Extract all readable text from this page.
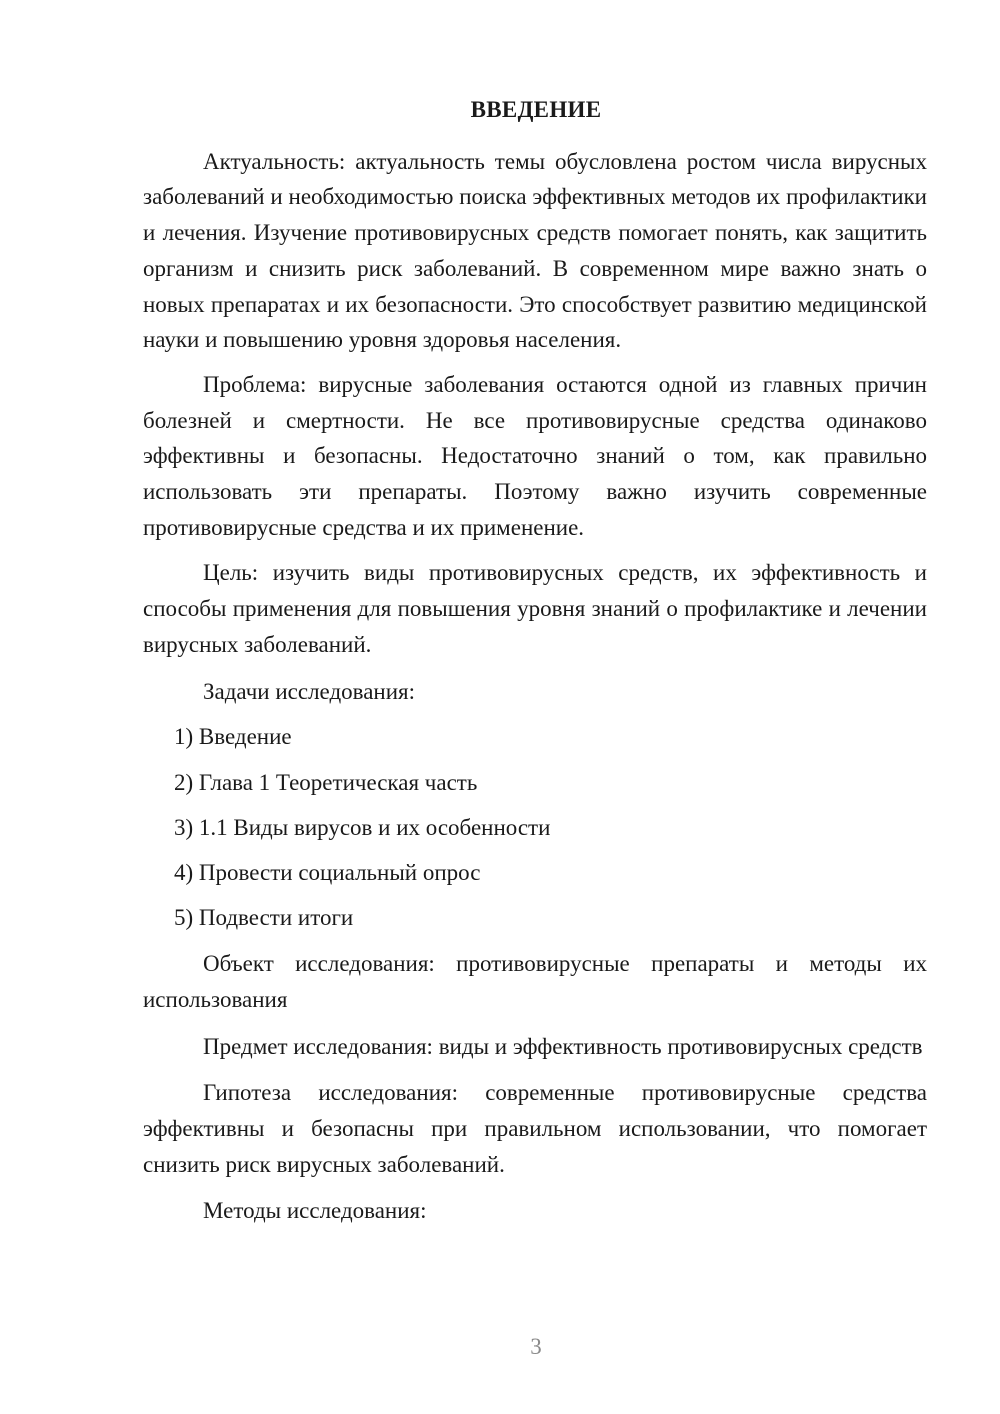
ВВЕДЕНИЕ

Актуальность: актуальность темы обусловлена ростом числа вирусных заболеваний и необходимостью поиска эффективных методов их профилактики и лечения. Изучение противовирусных средств помогает понять, как защитить организм и снизить риск заболеваний. В современном мире важно знать о новых препаратах и их безопасности. Это способствует развитию медицинской науки и повышению уровня здоровья населения.

Проблема: вирусные заболевания остаются одной из главных причин болезней и смертности. Не все противовирусные средства одинаково эффективны и безопасны. Недостаточно знаний о том, как правильно использовать эти препараты. Поэтому важно изучить современные противовирусные средства и их применение.

Цель: изучить виды противовирусных средств, их эффективность и способы применения для повышения уровня знаний о профилактике и лечении вирусных заболеваний.

Задачи исследования:

1) Введение
2) Глава 1 Теоретическая часть
3) 1.1 Виды вирусов и их особенности
4) Провести социальный опрос
5) Подвести итоги

Объект исследования: противовирусные препараты и методы их использования

Предмет исследования: виды и эффективность противовирусных средств

Гипотеза исследования: современные противовирусные средства эффективны и безопасны при правильном использовании, что помогает снизить риск вирусных заболеваний.

Методы исследования:

3
